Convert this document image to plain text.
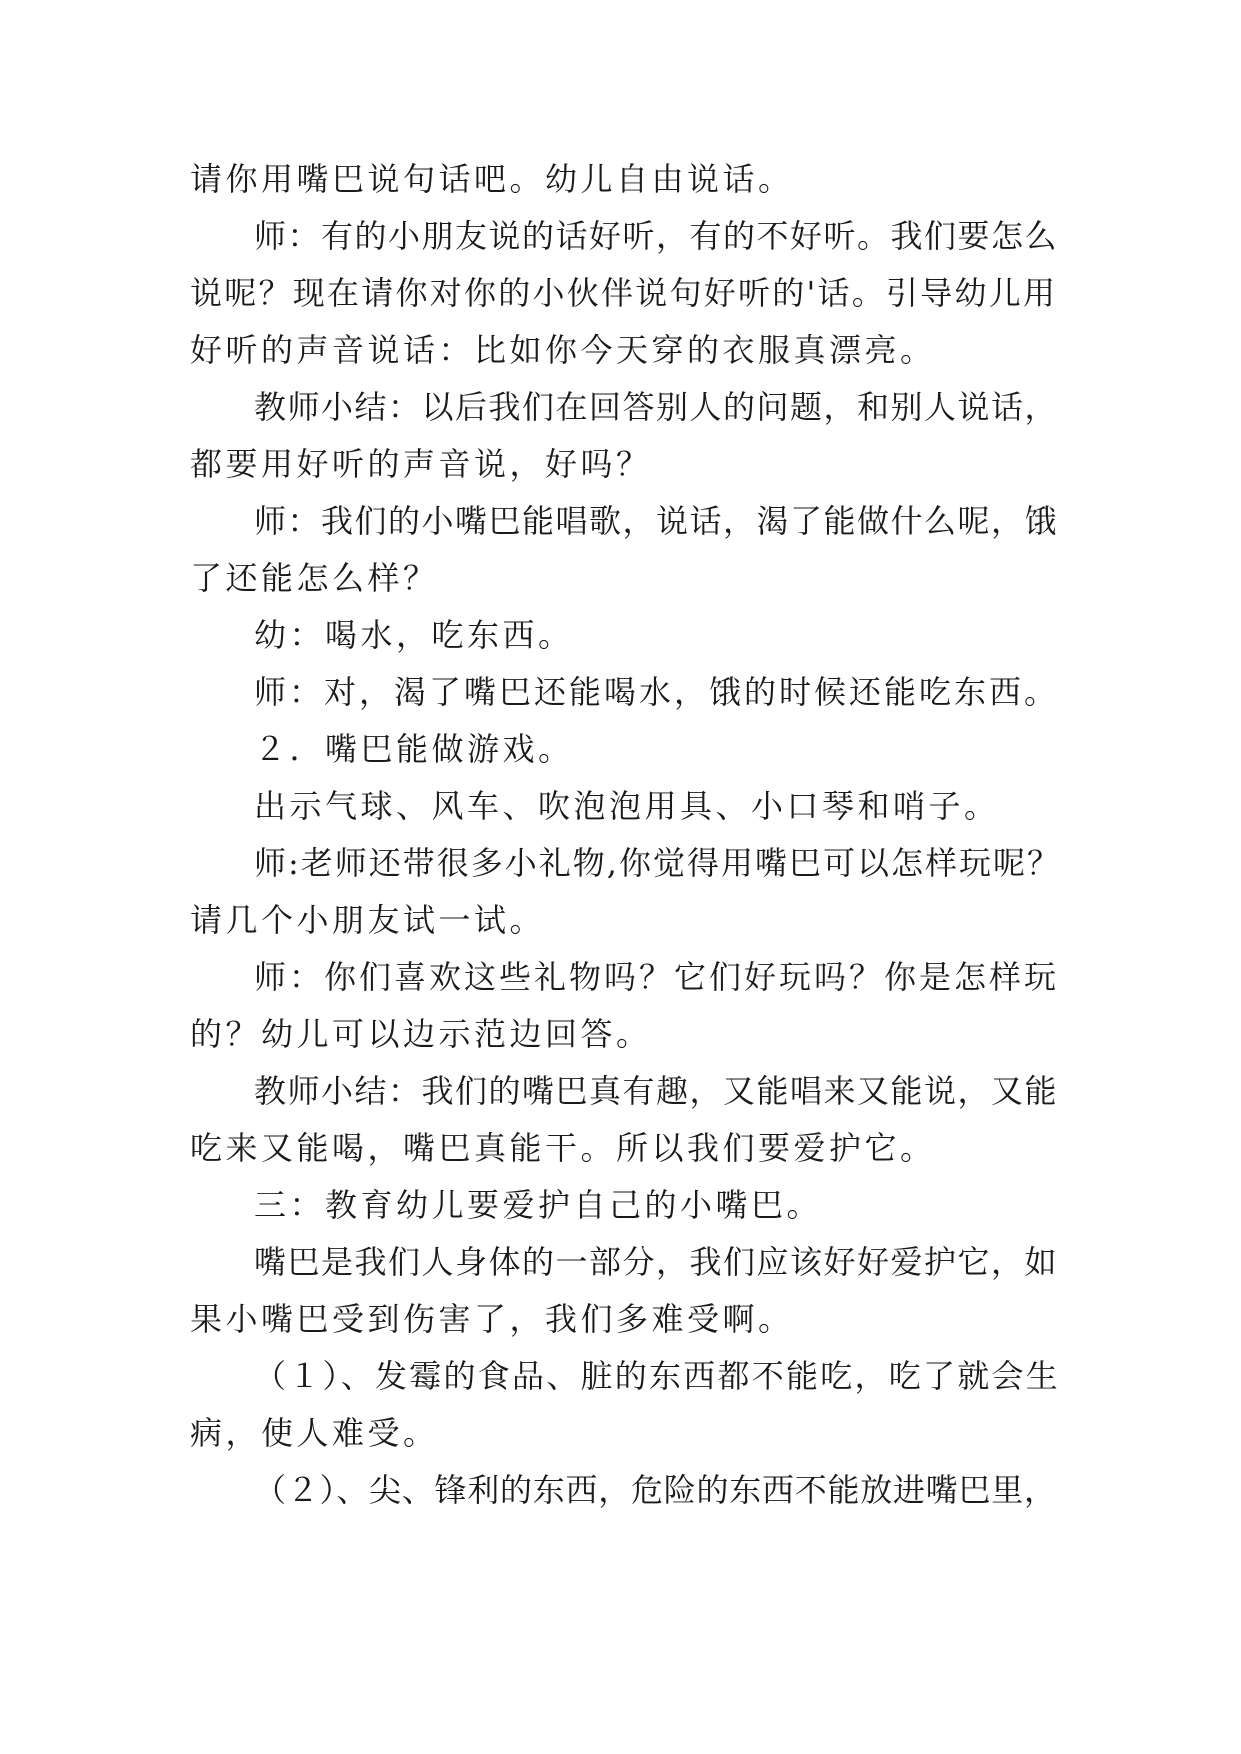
请你用嘴巴说句话吧。幼儿自由说话。
师：有的小朋友说的话好听，有的不好听。我们要怎么
说呢？现在请你对你的小伙伴说句好听的'话。引导幼儿用
好听的声音说话：比如你今天穿的衣服真漂亮。
教师小结：以后我们在回答别人的问题，和别人说话，
都要用好听的声音说，好吗？
师：我们的小嘴巴能唱歌，说话，渴了能做什么呢，饿
了还能怎么样？
幼：喝水，吃东西。
师：对，渴了嘴巴还能喝水，饿的时候还能吃东西。
２．嘴巴能做游戏。
出示气球、风车、吹泡泡用具、小口琴和哨子。
师:老师还带很多小礼物,你觉得用嘴巴可以怎样玩呢？
请几个小朋友试一试。
师：你们喜欢这些礼物吗？它们好玩吗？你是怎样玩
的？幼儿可以边示范边回答。
教师小结：我们的嘴巴真有趣，又能唱来又能说，又能
吃来又能喝，嘴巴真能干。所以我们要爱护它。
三：教育幼儿要爱护自己的小嘴巴。
嘴巴是我们人身体的一部分，我们应该好好爱护它，如
果小嘴巴受到伤害了，我们多难受啊。
（１）、发霉的食品、脏的东西都不能吃，吃了就会生
病，使人难受。
（２）、尖、锋利的东西，危险的东西不能放进嘴巴里，
